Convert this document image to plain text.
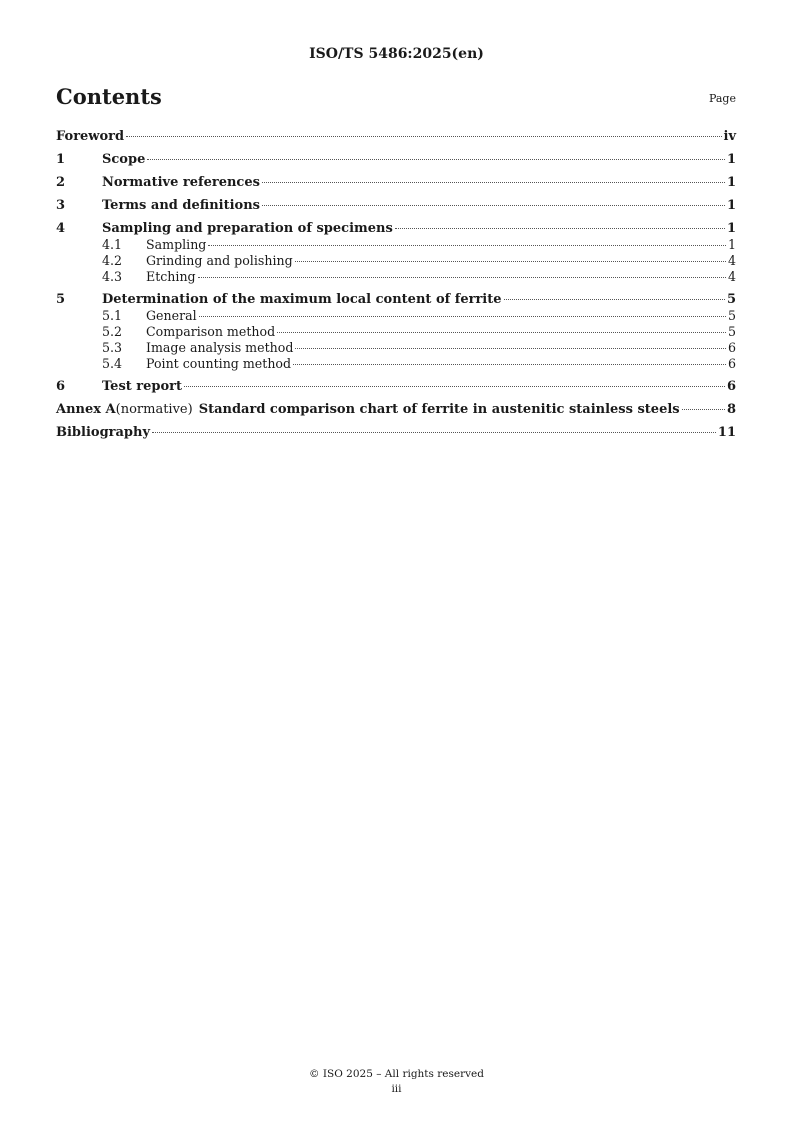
ISO/TS 5486:2025(en)
Contents	Page
Foreword	iv
1	Scope	1
2	Normative references	1
3	Terms and definitions	1
4	Sampling and preparation of specimens	1
4.1	Sampling	1
4.2	Grinding and polishing	4
4.3	Etching	4
5	Determination of the maximum local content of ferrite	5
5.1	General	5
5.2	Comparison method	5
5.3	Image analysis method	6
5.4	Point counting method	6
6	Test report	6
Annex A (normative) Standard comparison chart of ferrite in austenitic stainless steels	8
Bibliography	11
© ISO 2025 – All rights reserved
iii
